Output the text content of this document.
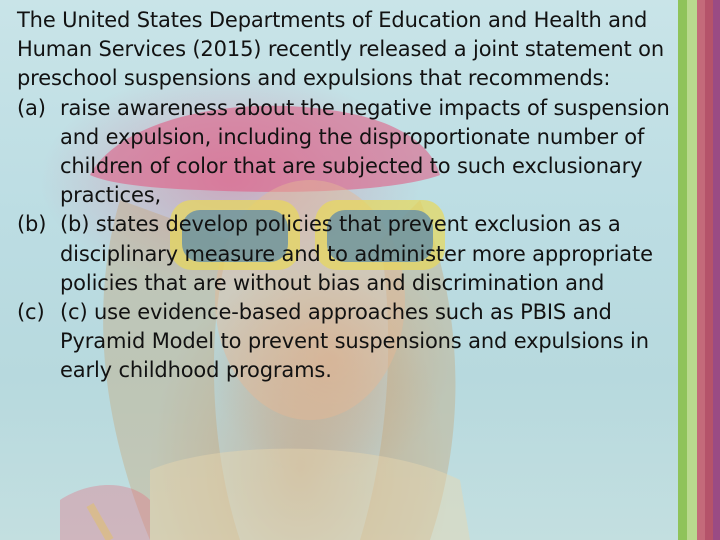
The United States Departments of Education and Health and Human Services (2015) recently released a joint statement on preschool suspensions and expulsions that recommends:

(a) raise awareness about the negative impacts of suspension and expulsion, including the disproportionate number of children of color that are subjected to such exclusionary practices,
(b) (b) states develop policies that prevent exclusion as a disciplinary measure and to administer more appropriate policies that are without bias and discrimination and
(c) (c) use evidence-based approaches such as PBIS and Pyramid Model to prevent suspensions and expulsions in early childhood programs.
